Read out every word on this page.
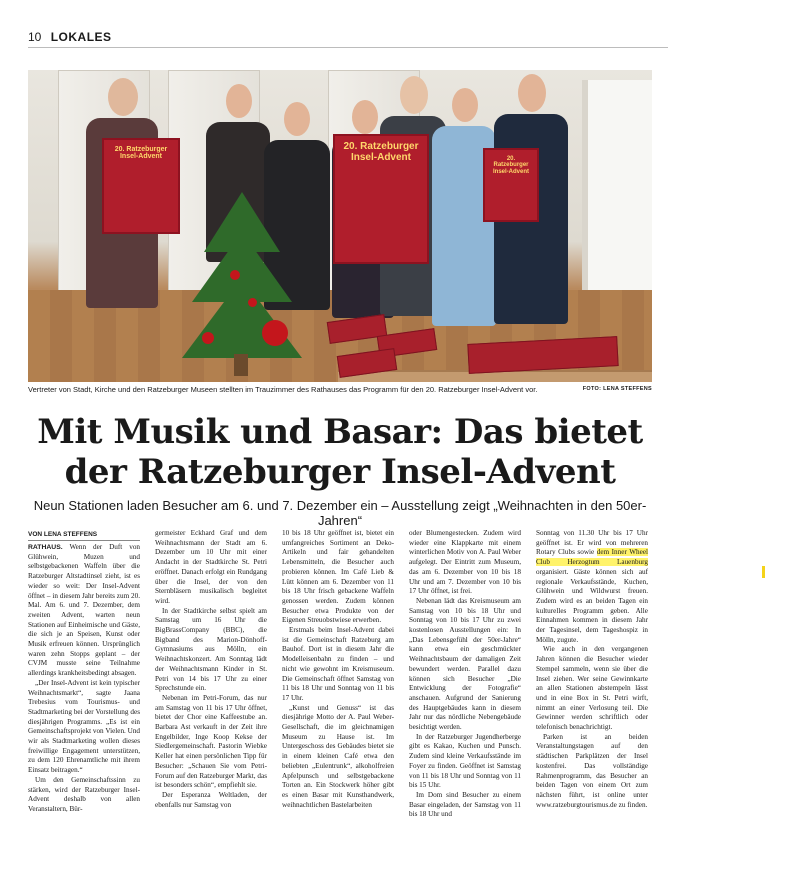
10 LOKALES
20. Ratzeburger Insel-Advent
20. Ratzeburger Insel-Advent	20. Ratzeburger Insel-Advent
Vertreter von Stadt, Kirche und den Ratzeburger Museen stellten im Trauzimmer des Rathauses das Programm für den 20. Ratzeburger Insel-Advent vor.	FOTO: LENA STEFFENS
Mit Musik und Basar: Das bietet
der Ratzeburger Insel-Advent
Neun Stationen laden Besucher am 6. und 7. Dezember ein – Ausstellung zeigt „Weihnachten in den 50er-Jahren“
VON LENA STEFFENS

RATHAUS. Wenn der Duft von Glühwein, Muzen und selbstgebackenen Waffeln über die Ratzeburger Altstadtinsel zieht, ist es wieder so weit: Der Insel-Advent öffnet – in diesem Jahr bereits zum 20. Mal. Am 6. und 7. Dezember, dem zweiten Advent, warten neun Stationen auf Einheimische und Gäste, die sich je an Speisen, Kunst oder Musik erfreuen können. Ursprünglich waren zehn Stopps geplant – der CVJM musste seine Teilnahme allerdings krankheitsbedingt absagen.

„Der Insel-Advent ist kein typischer Weihnachtsmarkt“, sagte Jaana Trebesius vom Tourismus- und Stadtmarketing bei der Vorstellung des diesjährigen Programms. „Es ist ein Gemeinschaftsprojekt von Vielen. Und wir als Stadtmarketing wollen dieses freiwillige Engagement unterstützen, zu dem 120 Ehrenamtliche mit ihrem Einsatz beitragen.“

Um den Gemeinschaftssinn zu stärken, wird der Ratzeburger Insel-Advent deshalb von allen Veranstaltern, Bür-

germeister Eckhard Graf und dem Weihnachtsmann der Stadt am 6. Dezember um 10 Uhr mit einer Andacht in der Stadtkirche St. Petri eröffnet. Danach erfolgt ein Rundgang über die Insel, der von den Sternbläsern musikalisch begleitet wird.

In der Stadtkirche selbst spielt am Samstag um 16 Uhr die BigBrassCompany (BBC), die Bigband des Marion-Dönhoff-Gymnasiums aus Mölln, ein Weihnachtskonzert. Am Sonntag lädt der Weihnachtsmann Kinder in St. Petri von 14 bis 17 Uhr zu einer Sprechstunde ein.

Nebenan im Petri-Forum, das nur am Samstag von 11 bis 17 Uhr öffnet, bietet der Chor eine Kaffeestube an. Barbara Ast verkauft in der Zeit ihre Engelbilder, Inge Koop Kekse der Siedlergemeinschaft. Pastorin Wiebke Keller hat einen persönlichen Tipp für Besucher: „Schauen Sie vom Petri-Forum auf den Ratzeburger Markt, das ist besonders schön“, empfiehlt sie.

Der Esperanza Weltladen, der ebenfalls nur Samstag von

10 bis 18 Uhr geöffnet ist, bietet ein umfangreiches Sortiment an Deko-Artikeln und fair gehandelten Lebensmitteln, die Besucher auch probieren können. Im Café Lieb & Lütt können am 6. Dezember von 11 bis 18 Uhr frisch gebackene Waffeln genossen werden. Zudem können Besucher etwa Produkte von der Eigenen Streuobstwiese erwerben.

Erstmals beim Insel-Advent dabei ist die Gemeinschaft Ratzeburg am Bauhof. Dort ist in diesem Jahr die Modelleisenbahn zu finden – und nicht wie gewohnt im Kreismuseum. Die Gemeinschaft öffnet Samstag von 11 bis 18 Uhr und Sonntag von 11 bis 17 Uhr.

„Kunst und Genuss“ ist das diesjährige Motto der A. Paul Weber-Gesellschaft, die im gleichnamigen Museum zu Hause ist. Im Untergeschoss des Gebäudes bietet sie in einem kleinen Café etwa den beliebten „Eulentrunk“, alkoholfreien Apfelpunsch und selbstgebackene Torten an. Ein Stockwerk höher gibt es einen Basar mit Kunsthandwerk, weihnachtlichen Bastelarbeiten

oder Blumengestecken. Zudem wird wieder eine Klappkarte mit einem winterlichen Motiv von A. Paul Weber aufgelegt. Der Eintritt zum Museum, das am 6. Dezember von 10 bis 18 Uhr und am 7. Dezember von 10 bis 17 Uhr öffnet, ist frei.

Nebenan lädt das Kreismuseum am Samstag von 10 bis 18 Uhr und Sonntag von 10 bis 17 Uhr zu zwei kostenlosen Ausstellungen ein: In „Das Lebensgefühl der 50er-Jahre“ kann etwa ein geschmückter Weihnachtsbaum der damaligen Zeit bewundert werden. Parallel dazu können sich Besucher „Die Entwicklung der Fotografie“ anschauen. Aufgrund der Sanierung des Hauptgebäudes kann in diesem Jahr nur das nördliche Nebengebäude besichtigt werden.

In der Ratzeburger Jugendherberge gibt es Kakao, Kuchen und Punsch. Zudem sind kleine Verkaufsstände im Foyer zu finden. Geöffnet ist Samstag von 11 bis 18 Uhr und Sonntag von 11 bis 15 Uhr.

Im Dom sind Besucher zu einem Basar eingeladen, der Samstag von 11 bis 18 Uhr und

Sonntag von 11.30 Uhr bis 17 Uhr geöffnet ist. Er wird von mehreren Rotary Clubs sowie dem Inner Wheel Club Herzogtum Lauenburg organisiert. Gäste können sich auf regionale Verkaufsstände, Kuchen, Glühwein und Wildwurst freuen. Zudem wird es an beiden Tagen ein kulturelles Programm geben. Alle Einnahmen kommen in diesem Jahr der Tagesinsel, dem Tageshospiz in Mölln, zugute.

Wie auch in den vergangenen Jahren können die Besucher wieder Stempel sammeln, wenn sie über die Insel ziehen. Wer seine Gewinnkarte an allen Stationen abstempeln lässt und in eine Box in St. Petri wirft, nimmt an einer Verlosung teil. Die Gewinner werden schriftlich oder telefonisch benachrichtigt.

Parken ist an beiden Veranstaltungstagen auf den städtischen Parkplätzen der Insel kostenfrei. Das vollständige Rahmenprogramm, das Besucher an beiden Tagen von einem Ort zum nächsten führt, ist online unter www.ratzeburgtourismus.de zu finden.
